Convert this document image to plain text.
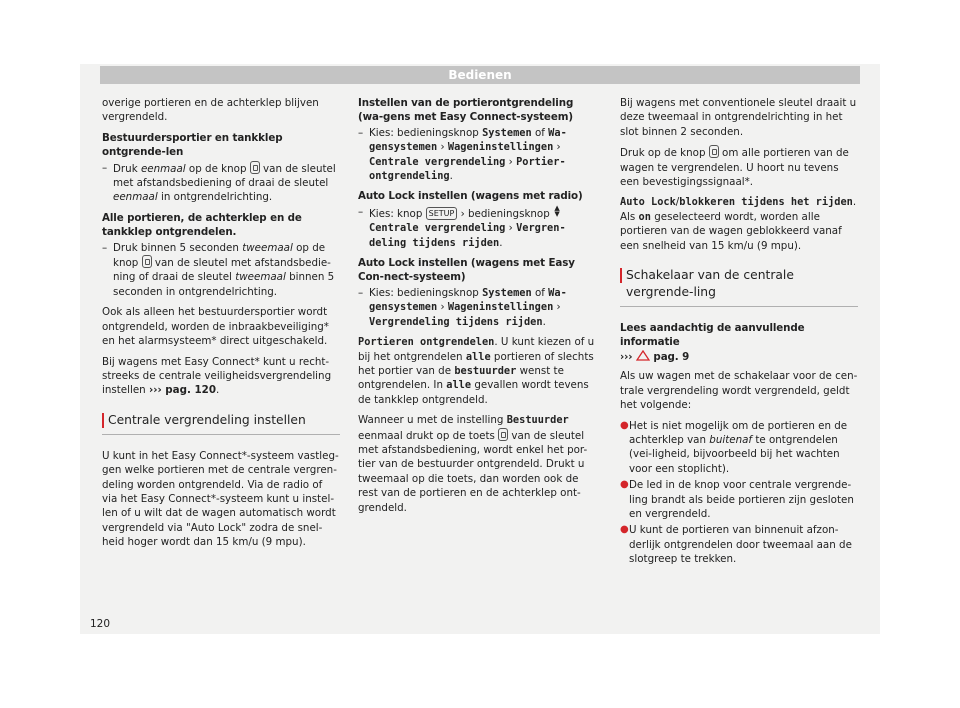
Bedienen

overige portieren en de achterklep blijven vergrendeld.

Bestuurdersportier en tankklep ontgrende-len
– Druk eenmaal op de knop  van de sleutel met afstandsbediening of draai de sleutel eenmaal in ontgrendelrichting.
Alle portieren, de achterklep en de tankklep ontgrendelen.
– Druk binnen 5 seconden tweemaal op de knop  van de sleutel met afstandsbedie-ning of draai de sleutel tweemaal binnen 5 seconden in ontgrendelrichting.

Ook als alleen het bestuurdersportier wordt ontgrendeld, worden de inbraakbeveiliging* en het alarmsysteem* direct uitgeschakeld.

Bij wagens met Easy Connect* kunt u recht-streeks de centrale veiligheidsvergrendeling instellen ››› pag. 120.

Centrale vergrendeling instellen

U kunt in het Easy Connect*-systeem vastleg-gen welke portieren met de centrale vergren-deling worden ontgrendeld. Via de radio of via het Easy Connect*-systeem kunt u instel-len of u wilt dat de wagen automatisch wordt vergrendeld via "Auto Lock" zodra de snel-heid hoger wordt dan 15 km/u (9 mpu).

Instellen van de portierontgrendeling (wa-gens met Easy Connect-systeem)
– Kies: bedieningsknop Systemen of Wa-gensystemen › Wageninstellingen › Centrale vergrendeling › Portier-ontgrendeling.
Auto Lock instellen (wagens met radio)
– Kies: knop SETUP › bedieningsknop ▲
▼ Centrale vergrendeling › Vergren-deling tijdens rijden.
Auto Lock instellen (wagens met Easy Con-nect-systeem)
– Kies: bedieningsknop Systemen of Wa-gensystemen › Wageninstellingen › Vergrendeling tijdens rijden.

Portieren ontgrendelen. U kunt kiezen of u bij het ontgrendelen alle portieren of slechts het portier van de bestuurder wenst te ontgrendelen. In alle gevallen wordt tevens de tankklep ontgrendeld.

Wanneer u met de instelling Bestuurder eenmaal drukt op de toets  van de sleutel met afstandsbediening, wordt enkel het por-tier van de bestuurder ontgrendeld. Drukt u tweemaal op die toets, dan worden ook de rest van de portieren en de achterklep ont-grendeld.

Bij wagens met conventionele sleutel draait u deze tweemaal in ontgrendelrichting in het slot binnen 2 seconden.

Druk op de knop  om alle portieren van de wagen te vergrendelen. U hoort nu tevens een bevestigingssignaal*.

Auto Lock/blokkeren tijdens het rijden. Als on geselecteerd wordt, worden alle portieren van de wagen geblokkeerd vanaf een snelheid van 15 km/u (9 mpu).

Schakelaar van de centrale vergrende-ling
Lees aandachtig de aanvullende informatie
›››  pag. 9

Als uw wagen met de schakelaar voor de cen-trale vergrendeling wordt vergrendeld, geldt het volgende:

● Het is niet mogelijk om de portieren en de achterklep van buitenaf te ontgrendelen (vei-ligheid, bijvoorbeeld bij het wachten voor een stoplicht).
● De led in de knop voor centrale vergrende-ling brandt als beide portieren zijn gesloten en vergrendeld.
● U kunt de portieren van binnenuit afzon-derlijk ontgrendelen door tweemaal aan de slotgreep te trekken.
120
